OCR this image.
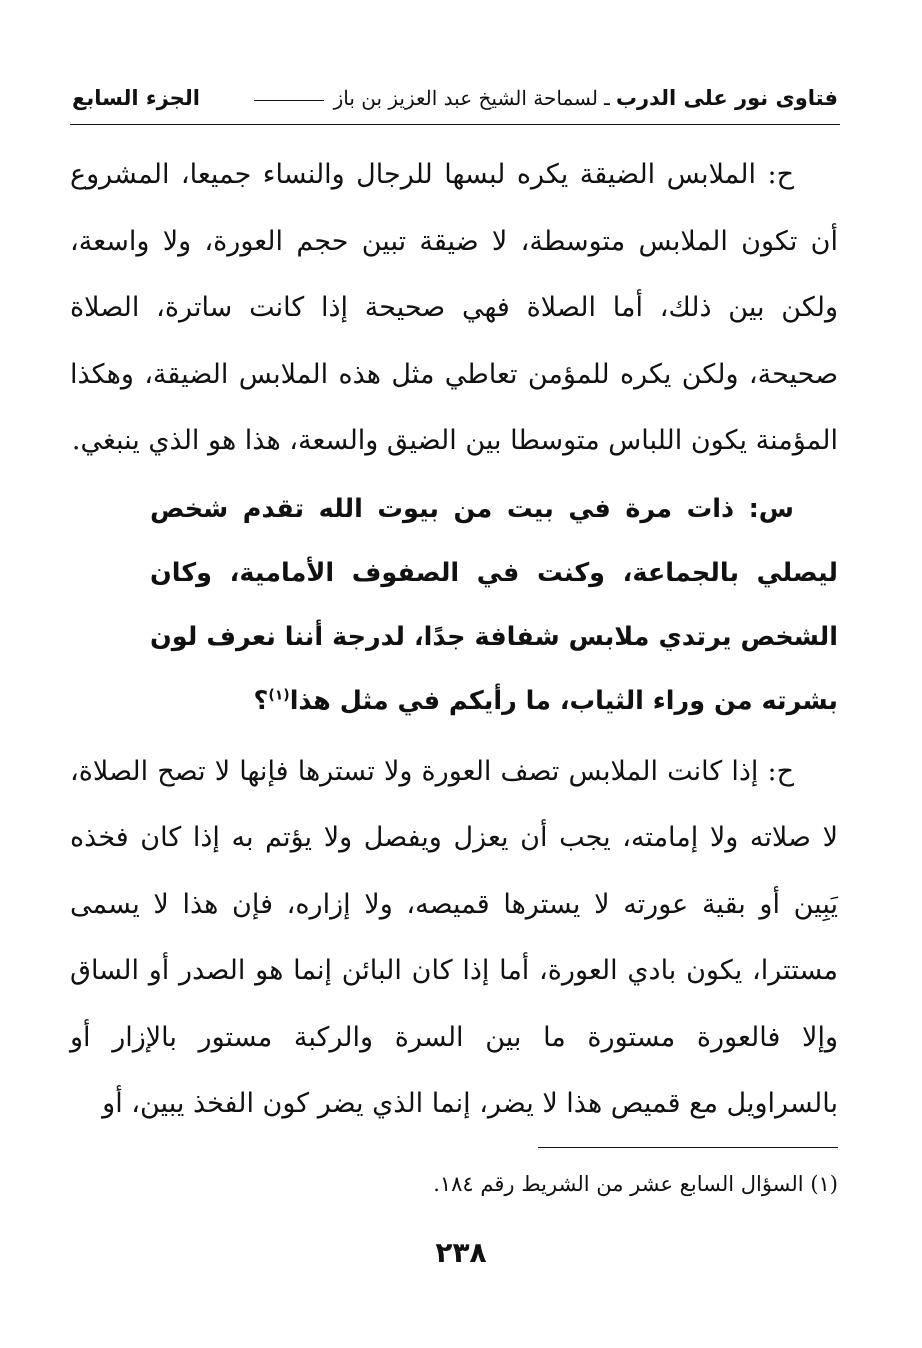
فتاوى نور على الدرب
ـ
لسماحة الشيخ عبد العزيز بن باز
الجزء السابع

ح: الملابس الضيقة يكره لبسها للرجال والنساء جميعا، المشروع أن تكون الملابس متوسطة، لا ضيقة تبين حجم العورة، ولا واسعة، ولكن بين ذلك، أما الصلاة فهي صحيحة إذا كانت ساترة، الصلاة صحيحة، ولكن يكره للمؤمن تعاطي مثل هذه الملابس الضيقة، وهكذا المؤمنة يكون اللباس متوسطا بين الضيق والسعة، هذا هو الذي ينبغي.

س: ذات مرة في بيت من بيوت الله تقدم شخص ليصلي بالجماعة، وكنت في الصفوف الأمامية، وكان الشخص يرتدي ملابس شفافة جدًا، لدرجة أننا نعرف لون بشرته من وراء الثياب، ما رأيكم في مثل هذا$^{(١)}$؟

ح: إذا كانت الملابس تصف العورة ولا تسترها فإنها لا تصح الصلاة، لا صلاته ولا إمامته، يجب أن يعزل ويفصل ولا يؤتم به إذا كان فخذه يَبِين أو بقية عورته لا يسترها قميصه، ولا إزاره، فإن هذا لا يسمى مستترا، يكون بادي العورة، أما إذا كان البائن إنما هو الصدر أو الساق وإلا فالعورة مستورة ما بين السرة والركبة مستور بالإزار أو بالسراويل مع قميص هذا لا يضر، إنما الذي يضر كون الفخذ يبين، أو

(١) السؤال السابع عشر من الشريط رقم ١٨٤.
٢٣٨
